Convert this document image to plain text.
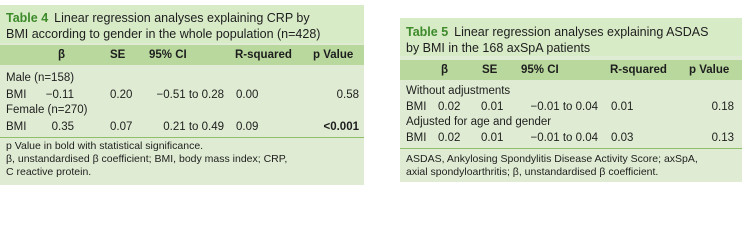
Table 4 Linear regression analyses explaining CRP by
BMI according to gender in the whole population (n=428)
β	SE 95% CI	R-squared p Value
Male (n=158)
BMI	−0.11	0.20	−0.51 to 0.28 0.00	0.58
Female (n=270)
BMI	0.35	0.07	0.21 to 0.49 0.09	<0.001
p Value in bold with statistical significance.
β, unstandardised β coefficient; BMI, body mass index; CRP,
C reactive protein.
Table 5 Linear regression analyses explaining ASDAS
by BMI in the 168 axSpA patients
β	SE 95% CI	R-squared p Value
Without adjustments
BMI 0.02 0.01	−0.01 to 0.04 0.01	0.18
Adjusted for age and gender
BMI 0.02 0.01	−0.01 to 0.04 0.03	0.13
ASDAS, Ankylosing Spondylitis Disease Activity Score; axSpA,
axial spondyloarthritis; β, unstandardised β coefficient.
